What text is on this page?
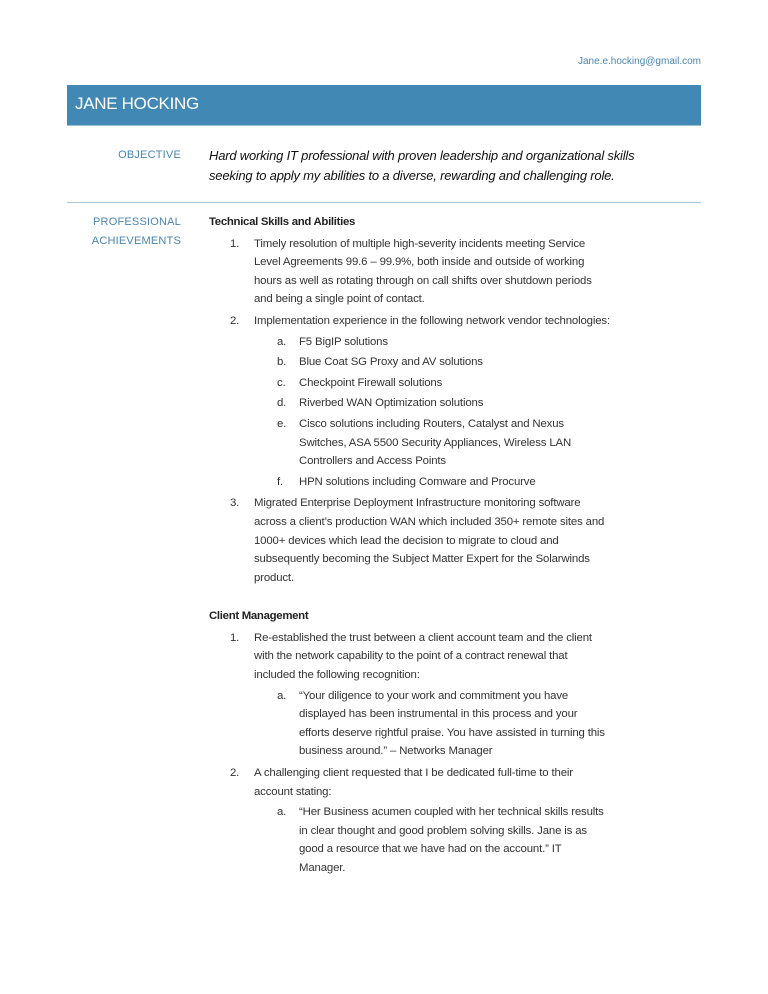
Jane.e.hocking@gmail.com
JANE HOCKING
OBJECTIVE Hard working IT professional with proven leadership and organizational skills seeking to apply my abilities to a diverse, rewarding and challenging role.
PROFESSIONAL
ACHIEVEMENTS
Technical Skills and Abilities
1. Timely resolution of multiple high-severity incidents meeting Service Level Agreements 99.6 – 99.9%, both inside and outside of working hours as well as rotating through on call shifts over shutdown periods and being a single point of contact.
2. Implementation experience in the following network vendor technologies:
a. F5 BigIP solutions
b. Blue Coat SG Proxy and AV solutions
c. Checkpoint Firewall solutions
d. Riverbed WAN Optimization solutions
e. Cisco solutions including Routers, Catalyst and Nexus Switches, ASA 5500 Security Appliances, Wireless LAN Controllers and Access Points
f. HPN solutions including Comware and Procurve
3. Migrated Enterprise Deployment Infrastructure monitoring software across a client’s production WAN which included 350+ remote sites and 1000+ devices which lead the decision to migrate to cloud and subsequently becoming the Subject Matter Expert for the Solarwinds product.
Client Management
1. Re-established the trust between a client account team and the client with the network capability to the point of a contract renewal that included the following recognition:
a. “Your diligence to your work and commitment you have displayed has been instrumental in this process and your efforts deserve rightful praise. You have assisted in turning this business around.” – Networks Manager
2. A challenging client requested that I be dedicated full-time to their account stating:
a. “Her Business acumen coupled with her technical skills results in clear thought and good problem solving skills. Jane is as good a resource that we have had on the account.” IT Manager.
